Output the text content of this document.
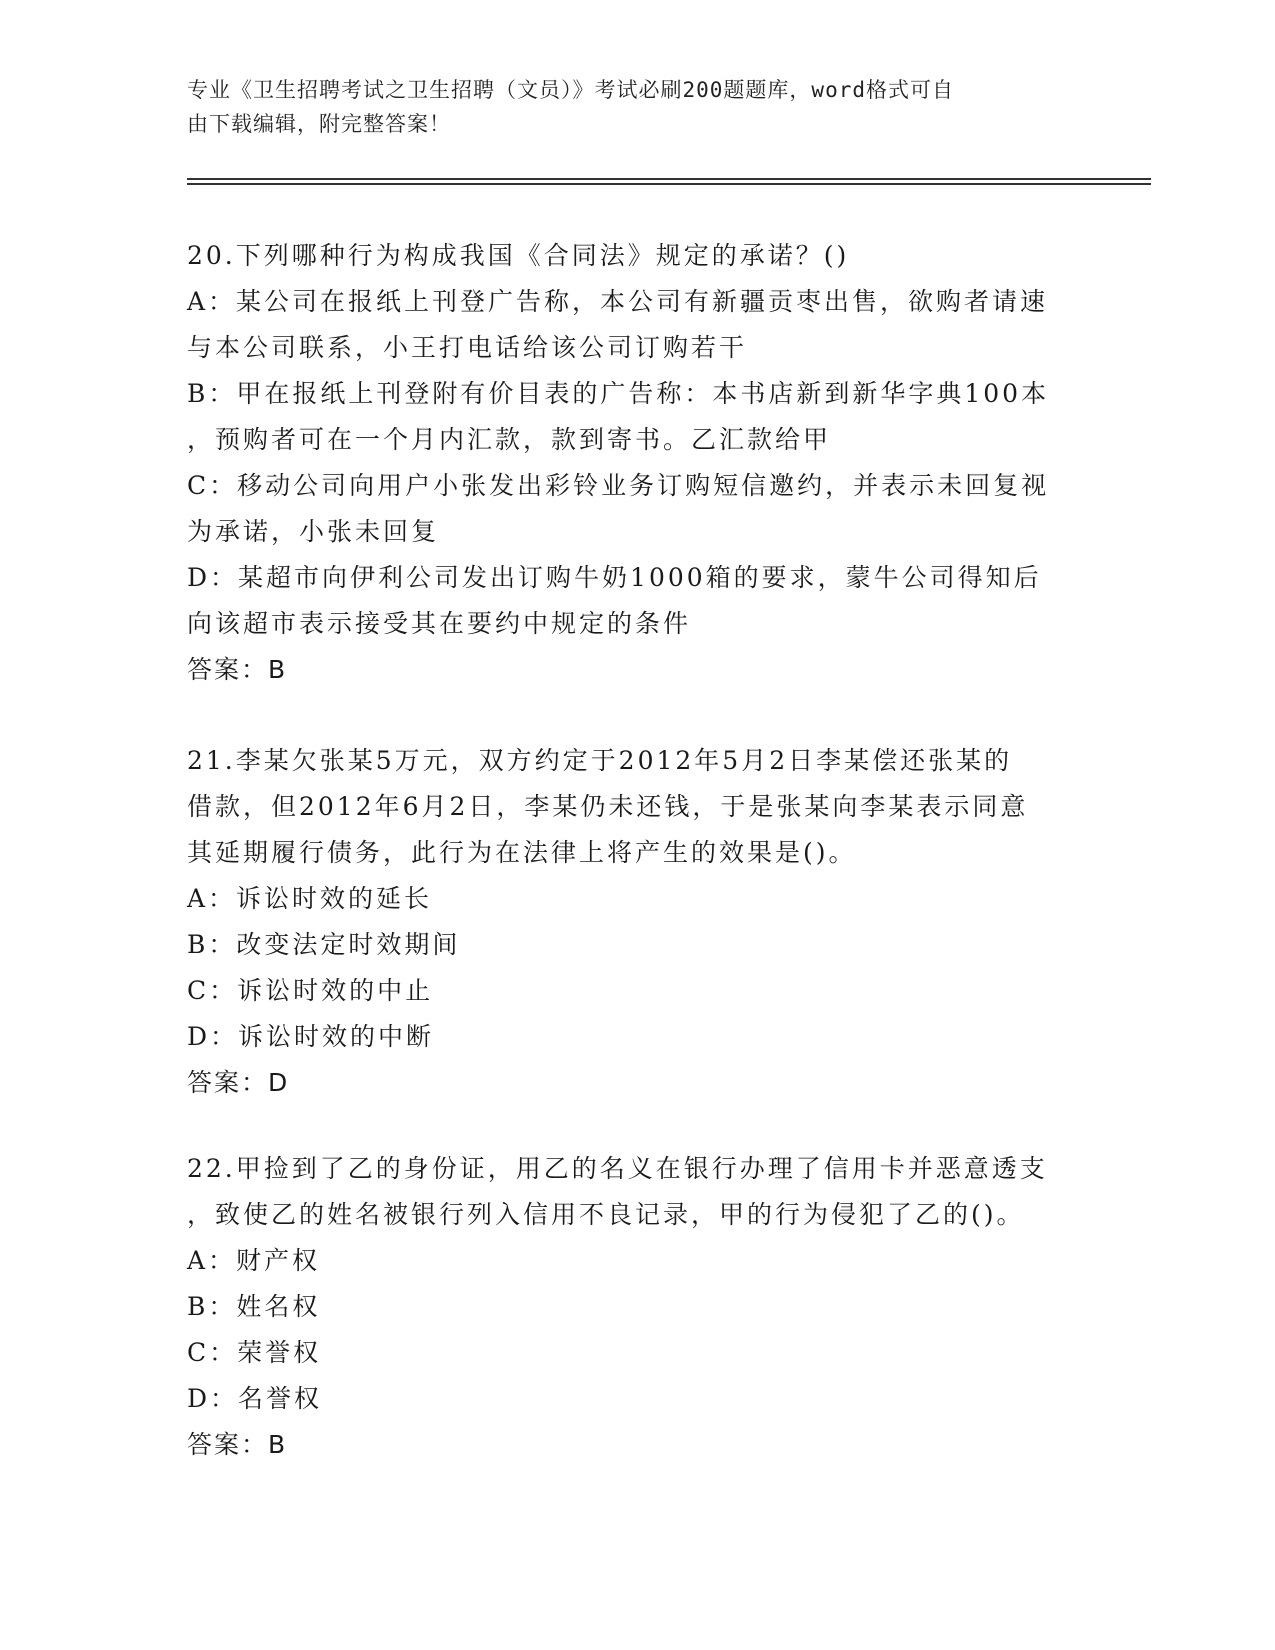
专业《卫生招聘考试之卫生招聘（文员）》考试必刷200题题库，word格式可自
由下载编辑，附完整答案！
20.下列哪种行为构成我国《合同法》规定的承诺？()
A：某公司在报纸上刊登广告称，本公司有新疆贡枣出售，欲购者请速
与本公司联系，小王打电话给该公司订购若干
B：甲在报纸上刊登附有价目表的广告称：本书店新到新华字典100本
，预购者可在一个月内汇款，款到寄书。乙汇款给甲
C：移动公司向用户小张发出彩铃业务订购短信邀约，并表示未回复视
为承诺，小张未回复
D：某超市向伊利公司发出订购牛奶1000箱的要求，蒙牛公司得知后
向该超市表示接受其在要约中规定的条件
答案：B
21.李某欠张某5万元，双方约定于2012年5月2日李某偿还张某的
借款，但2012年6月2日，李某仍未还钱，于是张某向李某表示同意
其延期履行债务，此行为在法律上将产生的效果是()。
A：诉讼时效的延长
B：改变法定时效期间
C：诉讼时效的中止
D：诉讼时效的中断
答案：D
22.甲捡到了乙的身份证，用乙的名义在银行办理了信用卡并恶意透支
，致使乙的姓名被银行列入信用不良记录，甲的行为侵犯了乙的()。
A：财产权
B：姓名权
C：荣誉权
D：名誉权
答案：B
